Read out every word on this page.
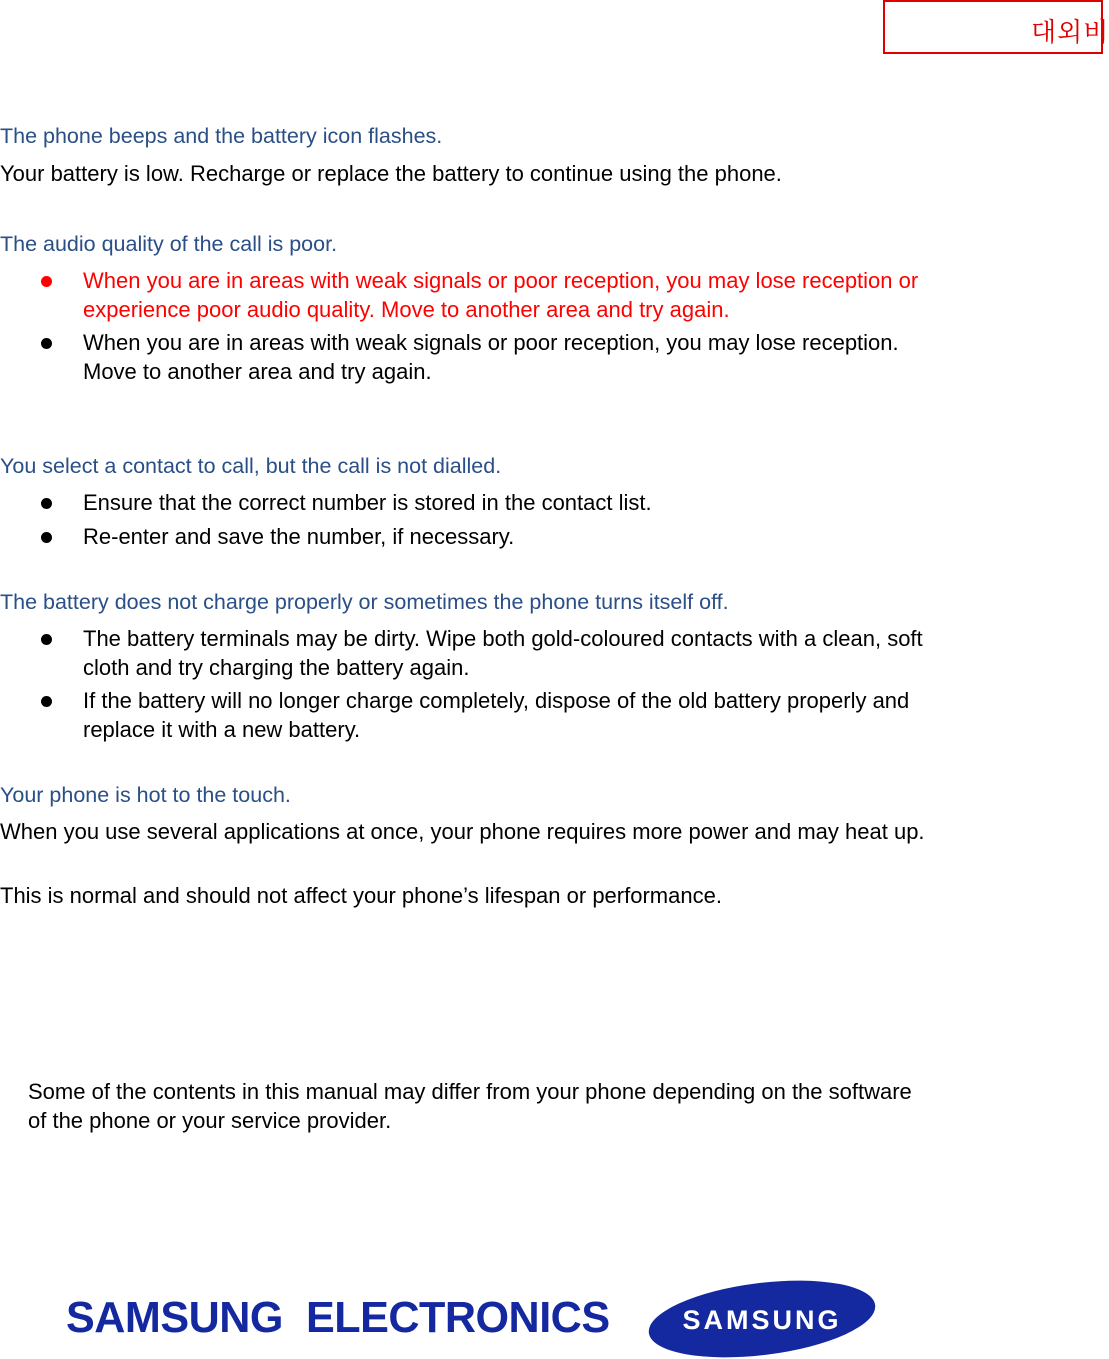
대외비
The phone beeps and the battery icon flashes.
Your battery is low. Recharge or replace the battery to continue using the phone.
The audio quality of the call is poor.
When you are in areas with weak signals or poor reception, you may lose reception or experience poor audio quality. Move to another area and try again.
When you are in areas with weak signals or poor reception, you may lose reception. Move to another area and try again.
You select a contact to call, but the call is not dialled.
Ensure that the correct number is stored in the contact list.
Re-enter and save the number, if necessary.
The battery does not charge properly or sometimes the phone turns itself off.
The battery terminals may be dirty. Wipe both gold-coloured contacts with a clean, soft cloth and try charging the battery again.
If the battery will no longer charge completely, dispose of the old battery properly and replace it with a new battery.
Your phone is hot to the touch.
When you use several applications at once, your phone requires more power and may heat up.
This is normal and should not affect your phone’s lifespan or performance.
Some of the contents in this manual may differ from your phone depending on the software of the phone or your service provider.
SAMSUNG  ELECTRONICS	SAMSUNG
